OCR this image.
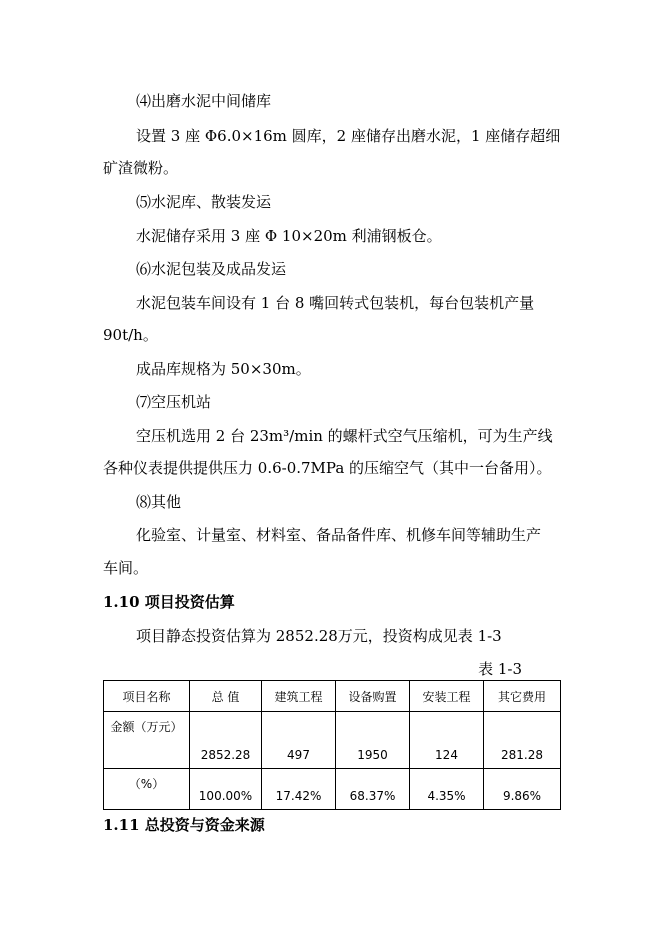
⑷出磨水泥中间储库
设置 3 座 Φ6.0×16m 圆库，2 座储存出磨水泥，1 座储存超细
矿渣微粉。
⑸水泥库、散装发运
水泥储存采用 3 座 Φ 10×20m 利浦钢板仓。
⑹水泥包装及成品发运
水泥包装车间设有 1 台 8 嘴回转式包装机，每台包装机产量
90t/h。
成品库规格为 50×30m。
⑺空压机站
空压机选用 2 台 23m³/min 的螺杆式空气压缩机，可为生产线
各种仪表提供提供压力 0.6-0.7MPa 的压缩空气（其中一台备用）。
⑻其他
化验室、计量室、材料室、备品备件库、机修车间等辅助生产
车间。
1.10 项目投资估算
项目静态投资估算为 2852.28万元，投资构成见表 1-3
表 1-3
项目名称	总 值	建筑工程	设备购置	安装工程	其它费用
金额（万元）	2852.28	497	1950	124	281.28
（%）	100.00%	17.42%	68.37%	4.35%	9.86%
1.11 总投资与资金来源
